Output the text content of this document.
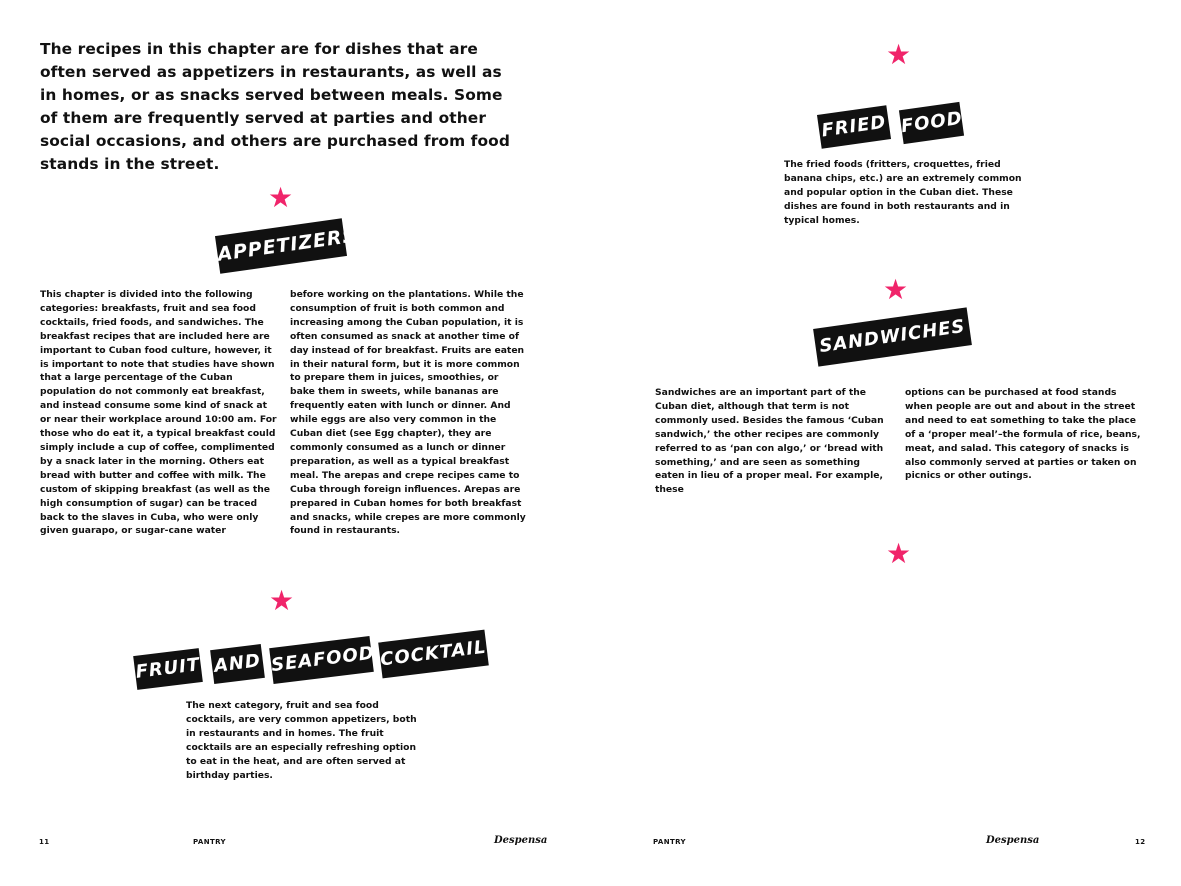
The recipes in this chapter are for dishes that are often served as appetizers in restaurants, as well as in homes, or as snacks served between meals. Some of them are frequently served at parties and other social occasions, and others are purchased from food stands in the street.
★
APPETIZERS
This chapter is divided into the following categories: breakfasts, fruit and sea food cocktails, fried foods, and sandwiches. The breakfast recipes that are included here are important to Cuban food culture, however, it is important to note that studies have shown that a large percentage of the Cuban population do not commonly eat breakfast, and instead consume some kind of snack at or near their workplace around 10:00 am. For those who do eat it, a typical breakfast could simply include a cup of coffee, complimented by a snack later in the morning. Others eat bread with butter and coffee with milk. The custom of skipping breakfast (as well as the high consumption of sugar) can be traced back to the slaves in Cuba, who were only given guarapo, or sugar-cane water
before working on the plantations. While the consumption of fruit is both common and increasing among the Cuban population, it is often consumed as snack at another time of day instead of for breakfast. Fruits are eaten in their natural form, but it is more common to prepare them in juices, smoothies, or bake them in sweets, while bananas are frequently eaten with lunch or dinner. And while eggs are also very common in the Cuban diet (see Egg chapter), they are commonly consumed as a lunch or dinner preparation, as well as a typical breakfast meal. The arepas and crepe recipes came to Cuba through foreign influences. Arepas are prepared in Cuban homes for both breakfast and snacks, while crepes are more commonly found in restaurants.
★
FRUIT AND SEAFOOD COCKTAIL
The next category, fruit and sea food cocktails, are very common appetizers, both in restaurants and in homes. The fruit cocktails are an especially refreshing option to eat in the heat, and are often served at birthday parties.
11	PANTRY	Despensa
★
FRIED FOOD
The fried foods (fritters, croquettes, fried banana chips, etc.) are an extremely common and popular option in the Cuban diet. These dishes are found in both restaurants and in typical homes.
★
SANDWICHES
Sandwiches are an important part of the Cuban diet, although that term is not commonly used. Besides the famous ‘Cuban sandwich,’ the other recipes are commonly referred to as ‘pan con algo,’ or ‘bread with something,’ and are seen as something eaten in lieu of a proper meal. For example, these
options can be purchased at food stands when people are out and about in the street and need to eat something to take the place of a ‘proper meal’–the formula of rice, beans, meat, and salad. This category of snacks is also commonly served at parties or taken on picnics or other outings.
★
PANTRY	Despensa	12
